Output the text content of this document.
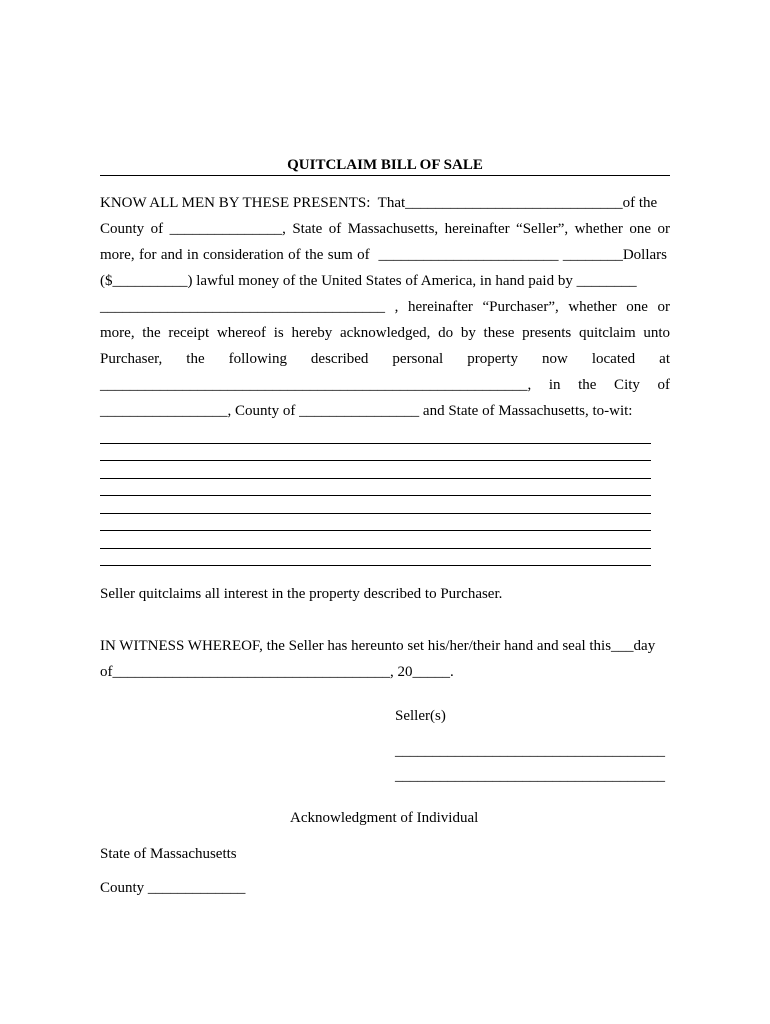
QUITCLAIM BILL OF SALE
KNOW ALL MEN BY THESE PRESENTS:  That_____________________________of the
County of _______________, State of Massachusetts, hereinafter “Seller”, whether one or
more, for and in consideration of the sum of  ________________________ ________Dollars
($__________) lawful money of the United States of America, in hand paid by ________
______________________________________ , hereinafter “Purchaser”, whether one or
more, the receipt whereof is hereby acknowledged, do by these presents quitclaim unto
Purchaser, the following described personal property now located at
_________________________________________________________, in the City of
_________________, County of ________________ and State of Massachusetts, to-wit:
Seller quitclaims all interest in the property described to Purchaser.
IN WITNESS WHEREOF, the Seller has hereunto set his/her/their hand and seal this___day
of_____________________________________, 20_____.
Seller(s)
____________________________________
____________________________________
Acknowledgment of Individual
State of Massachusetts
County _____________
